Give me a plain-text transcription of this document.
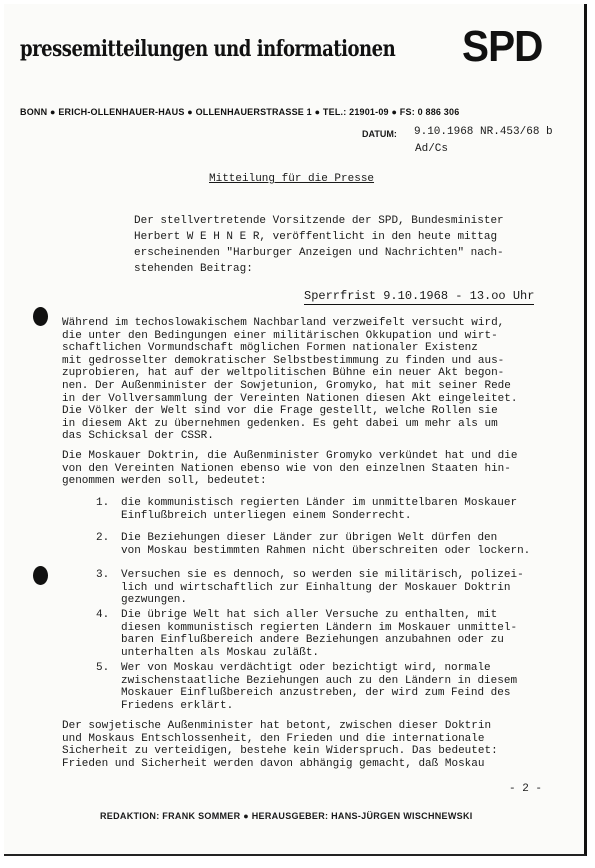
pressemitteilungen und informationen SPD
BONN ● ERICH-OLLENHAUER-HAUS ● OLLENHAUERSTRASSE 1 ● TEL.: 21901-09 ● FS: 0 886 306
DATUM: 9.10.1968 NR.453/68 b
Ad/Cs
Mitteilung für die Presse
Der stellvertretende Vorsitzende der SPD, Bundesminister
Herbert W E H N E R, veröffentlicht in den heute mittag
erscheinenden "Harburger Anzeigen und Nachrichten" nach-
stehenden Beitrag:
Sperrfrist 9.10.1968 - 13.oo Uhr
Während im techoslowakischem Nachbarland verzweifelt versucht wird,
die unter den Bedingungen einer militärischen Okkupation und wirt-
schaftlichen Vormundschaft möglichen Formen nationaler Existenz
mit gedrosselter demokratischer Selbstbestimmung zu finden und aus-
zuprobieren, hat auf der weltpolitischen Bühne ein neuer Akt begon-
nen. Der Außenminister der Sowjetunion, Gromyko, hat mit seiner Rede
in der Vollversammlung der Vereinten Nationen diesen Akt eingeleitet.
Die Völker der Welt sind vor die Frage gestellt, welche Rollen sie
in diesem Akt zu übernehmen gedenken. Es geht dabei um mehr als um
das Schicksal der CSSR.
Die Moskauer Doktrin, die Außenminister Gromyko verkündet hat und die
von den Vereinten Nationen ebenso wie von den einzelnen Staaten hin-
genommen werden soll, bedeutet:
1. die kommunistisch regierten Länder im unmittelbaren Moskauer
Einflußbreich unterliegen einem Sonderrecht.
2. Die Beziehungen dieser Länder zur übrigen Welt dürfen den
von Moskau bestimmten Rahmen nicht überschreiten oder lockern.
3. Versuchen sie es dennoch, so werden sie militärisch, polizei-
lich und wirtschaftlich zur Einhaltung der Moskauer Doktrin
gezwungen.
4. Die übrige Welt hat sich aller Versuche zu enthalten, mit
diesen kommunistisch regierten Ländern im Moskauer unmittel-
baren Einflußbereich andere Beziehungen anzubahnen oder zu
unterhalten als Moskau zuläßt.
5. Wer von Moskau verdächtigt oder bezichtigt wird, normale
zwischenstaatliche Beziehungen auch zu den Ländern in diesem
Moskauer Einflußbereich anzustreben, der wird zum Feind des
Friedens erklärt.
Der sowjetische Außenminister hat betont, zwischen dieser Doktrin
und Moskaus Entschlossenheit, den Frieden und die internationale
Sicherheit zu verteidigen, bestehe kein Widerspruch. Das bedeutet:
Frieden und Sicherheit werden davon abhängig gemacht, daß Moskau
- 2 -
REDAKTION: FRANK SOMMER ● HERAUSGEBER: HANS-JÜRGEN WISCHNEWSKI
